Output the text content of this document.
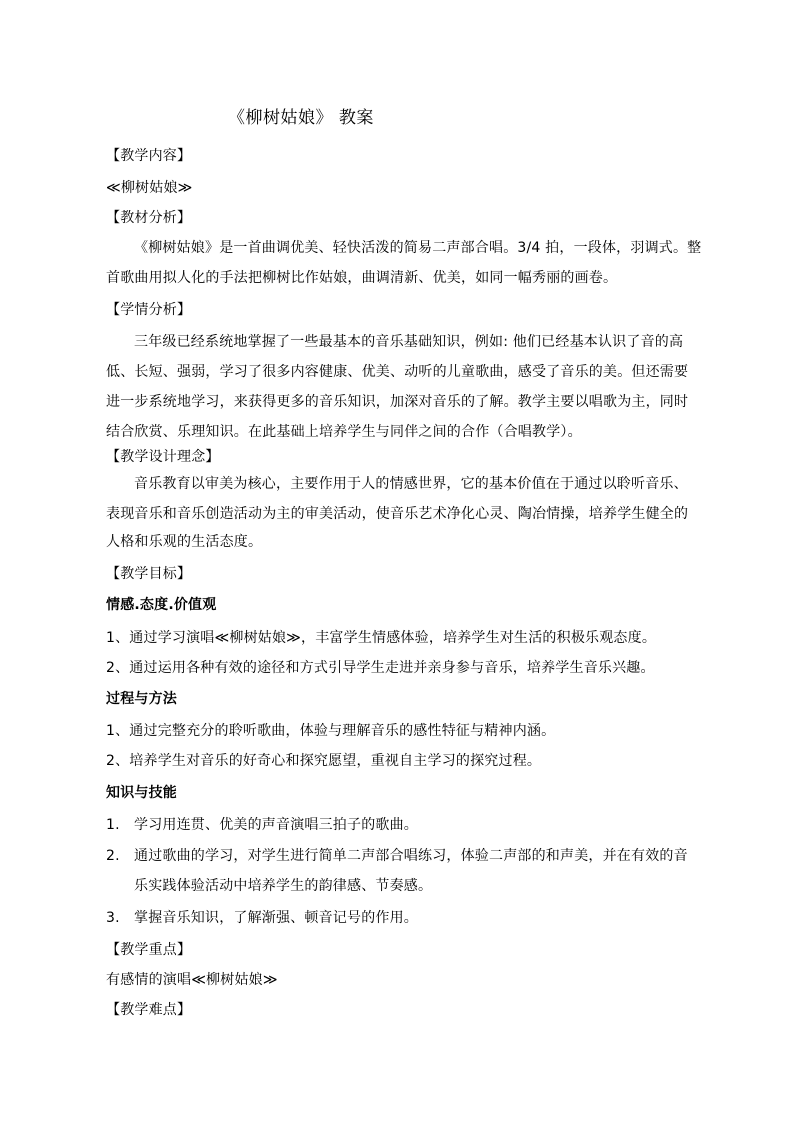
《柳树姑娘》 教案
【教学内容】
≪柳树姑娘≫
【教材分析】
《柳树姑娘》是一首曲调优美、轻快活泼的简易二声部合唱。3/4 拍，一段体，羽调式。整
首歌曲用拟人化的手法把柳树比作姑娘，曲调清新、优美，如同一幅秀丽的画卷。
【学情分析】
三年级已经系统地掌握了一些最基本的音乐基础知识，例如: 他们已经基本认识了音的高
低、长短、强弱，学习了很多内容健康、优美、动听的儿童歌曲，感受了音乐的美。但还需要
进一步系统地学习，来获得更多的音乐知识，加深对音乐的了解。教学主要以唱歌为主，同时
结合欣赏、乐理知识。在此基础上培养学生与同伴之间的合作（合唱教学）。
【教学设计理念】
音乐教育以审美为核心，主要作用于人的情感世界，它的基本价值在于通过以聆听音乐、
表现音乐和音乐创造活动为主的审美活动，使音乐艺术净化心灵、陶冶情操，培养学生健全的
人格和乐观的生活态度。
【教学目标】
情感.态度.价值观
1、通过学习演唱≪柳树姑娘≫，丰富学生情感体验，培养学生对生活的积极乐观态度。
2、通过运用各种有效的途径和方式引导学生走进并亲身参与音乐，培养学生音乐兴趣。
过程与方法
1、通过完整充分的聆听歌曲，体验与理解音乐的感性特征与精神内涵。
2、培养学生对音乐的好奇心和探究愿望，重视自主学习的探究过程。
知识与技能
1. 学习用连贯、优美的声音演唱三拍子的歌曲。
2. 通过歌曲的学习，对学生进行简单二声部合唱练习，体验二声部的和声美，并在有效的音
乐实践体验活动中培养学生的韵律感、节奏感。
3. 掌握音乐知识，了解渐强、顿音记号的作用。
【教学重点】
有感情的演唱≪柳树姑娘≫
【教学难点】
